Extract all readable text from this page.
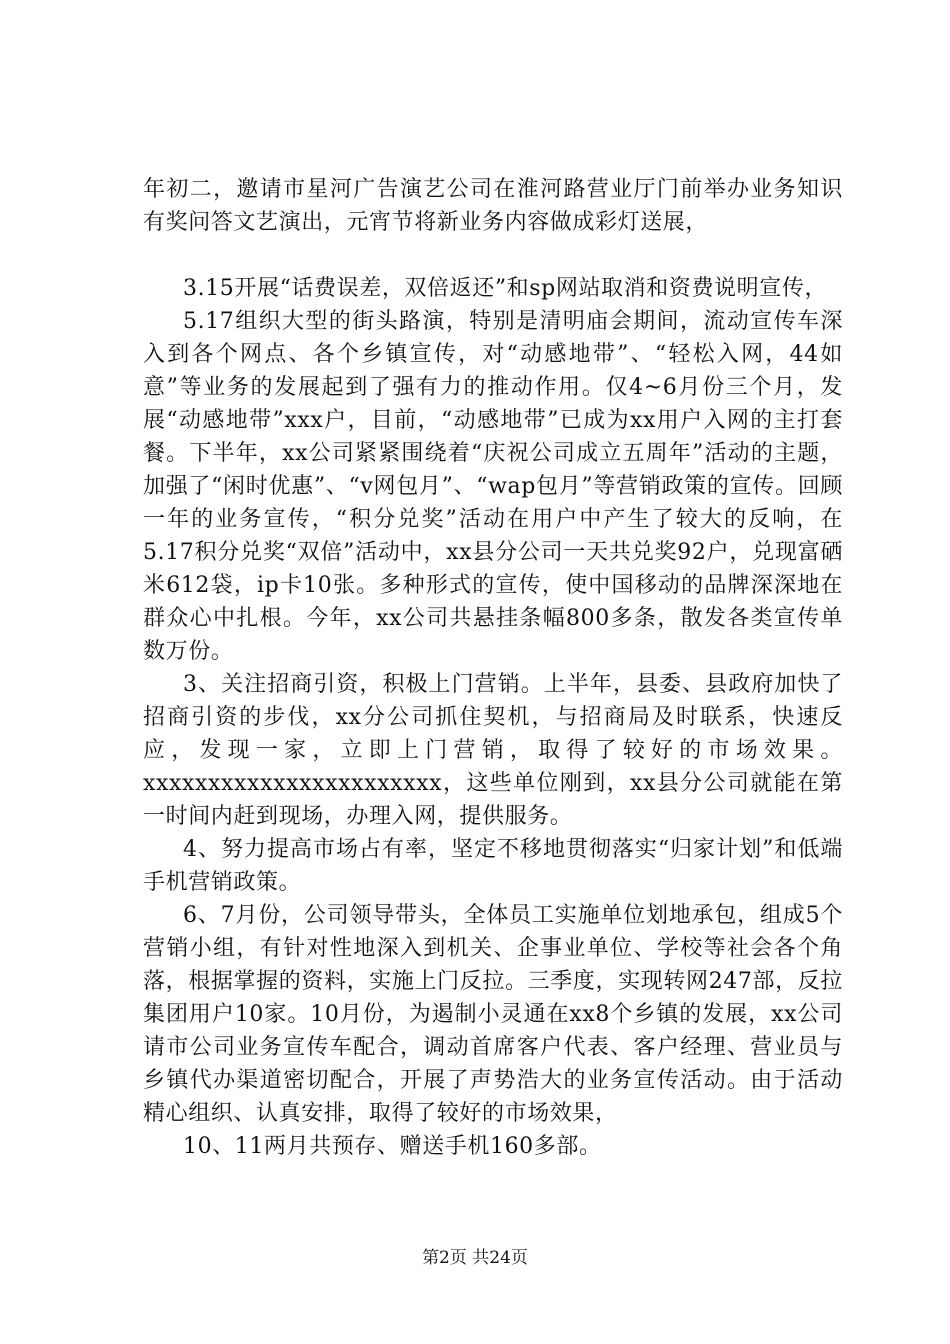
年初二，邀请市星河广告演艺公司在淮河路营业厅门前举办业务知识有奖问答文艺演出，元宵节将新业务内容做成彩灯送展，

3.15开展“话费误差，双倍返还”和sp网站取消和资费说明宣传，

5.17组织大型的街头路演，特别是清明庙会期间，流动宣传车深入到各个网点、各个乡镇宣传，对“动感地带”、“轻松入网，44如意”等业务的发展起到了强有力的推动作用。仅4~6月份三个月，发展“动感地带”xxx户，目前，“动感地带”已成为xx用户入网的主打套餐。下半年，xx公司紧紧围绕着“庆祝公司成立五周年”活动的主题，加强了“闲时优惠”、“v网包月”、“wap包月”等营销政策的宣传。回顾一年的业务宣传，“积分兑奖”活动在用户中产生了较大的反响，在5.17积分兑奖“双倍”活动中，xx县分公司一天共兑奖92户，兑现富硒米612袋，ip卡10张。多种形式的宣传，使中国移动的品牌深深地在群众心中扎根。今年，xx公司共悬挂条幅800多条，散发各类宣传单数万份。

3、关注招商引资，积极上门营销。上半年，县委、县政府加快了招商引资的步伐，xx分公司抓住契机，与招商局及时联系，快速反应，发现一家，立即上门营销，取得了较好的市场效果。xxxxxxxxxxxxxxxxxxxxxxx，这些单位刚到，xx县分公司就能在第一时间内赶到现场，办理入网，提供服务。

4、努力提高市场占有率，坚定不移地贯彻落实“归家计划”和低端手机营销政策。

6、7月份，公司领导带头，全体员工实施单位划地承包，组成5个营销小组，有针对性地深入到机关、企事业单位、学校等社会各个角落，根据掌握的资料，实施上门反拉。三季度，实现转网247部，反拉集团用户10家。10月份，为遏制小灵通在xx8个乡镇的发展，xx公司请市公司业务宣传车配合，调动首席客户代表、客户经理、营业员与乡镇代办渠道密切配合，开展了声势浩大的业务宣传活动。由于活动精心组织、认真安排，取得了较好的市场效果，

10、11两月共预存、赠送手机160多部。

第2页 共24页
